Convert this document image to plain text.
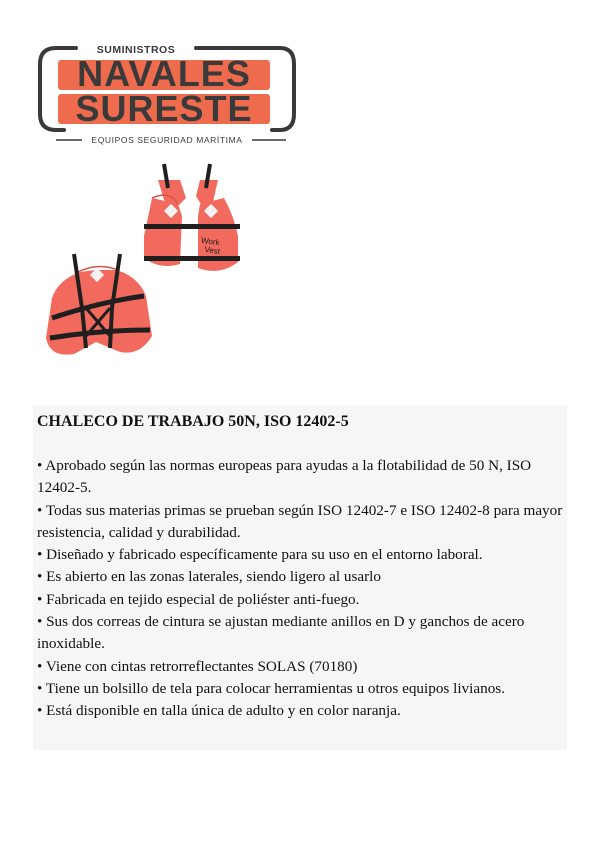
SUMINISTROS
NAVALES
SURESTE
EQUIPOS SEGURIDAD MARÍTIMA
Work
Vest
CHALECO DE TRABAJO 50N, ISO 12402-5
• Aprobado según las normas europeas para ayudas a la flotabilidad de 50 N, ISO 12402-5.
• Todas sus materias primas se prueban según ISO 12402-7 e ISO 12402-8 para mayor resistencia, calidad y durabilidad.
• Diseñado y fabricado específicamente para su uso en el entorno laboral.
• Es abierto en las zonas laterales, siendo ligero al usarlo
• Fabricada en tejido especial de poliéster anti-fuego.
• Sus dos correas de cintura se ajustan mediante anillos en D y ganchos de acero inoxidable.
• Viene con cintas retrorreflectantes SOLAS (70180)
• Tiene un bolsillo de tela para colocar herramientas u otros equipos livianos.
• Está disponible en talla única de adulto y en color naranja.
